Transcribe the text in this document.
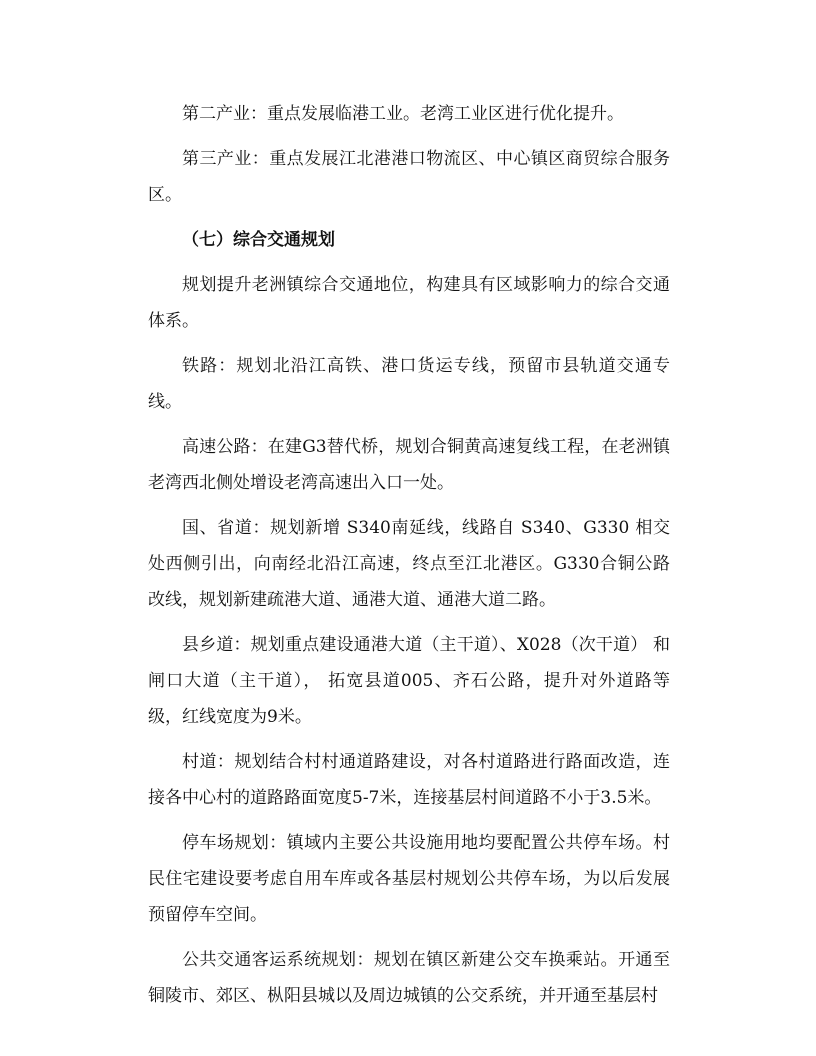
第二产业：重点发展临港工业。老湾工业区进行优化提升。

第三产业：重点发展江北港港口物流区、中心镇区商贸综合服务区。

（七）综合交通规划

规划提升老洲镇综合交通地位，构建具有区域影响力的综合交通体系。

铁路：规划北沿江高铁、港口货运专线，预留市县轨道交通专线。

高速公路：在建G3替代桥，规划合铜黄高速复线工程，在老洲镇老湾西北侧处增设老湾高速出入口一处。

国、省道：规划新增 S340南延线，线路自 S340、G330 相交处西侧引出，向南经北沿江高速，终点至江北港区。G330合铜公路改线，规划新建疏港大道、通港大道、通港大道二路。

县乡道：规划重点建设通港大道（主干道）、X028（次干道） 和闸口大道（主干道）， 拓宽县道005、齐石公路，提升对外道路等级，红线宽度为9米。

村道：规划结合村村通道路建设，对各村道路进行路面改造，连接各中心村的道路路面宽度5-7米，连接基层村间道路不小于3.5米。

停车场规划：镇域内主要公共设施用地均要配置公共停车场。村民住宅建设要考虑自用车库或各基层村规划公共停车场，为以后发展预留停车空间。

公共交通客运系统规划：规划在镇区新建公交车换乘站。开通至铜陵市、郊区、枞阳县城以及周边城镇的公交系统，并开通至基层村
